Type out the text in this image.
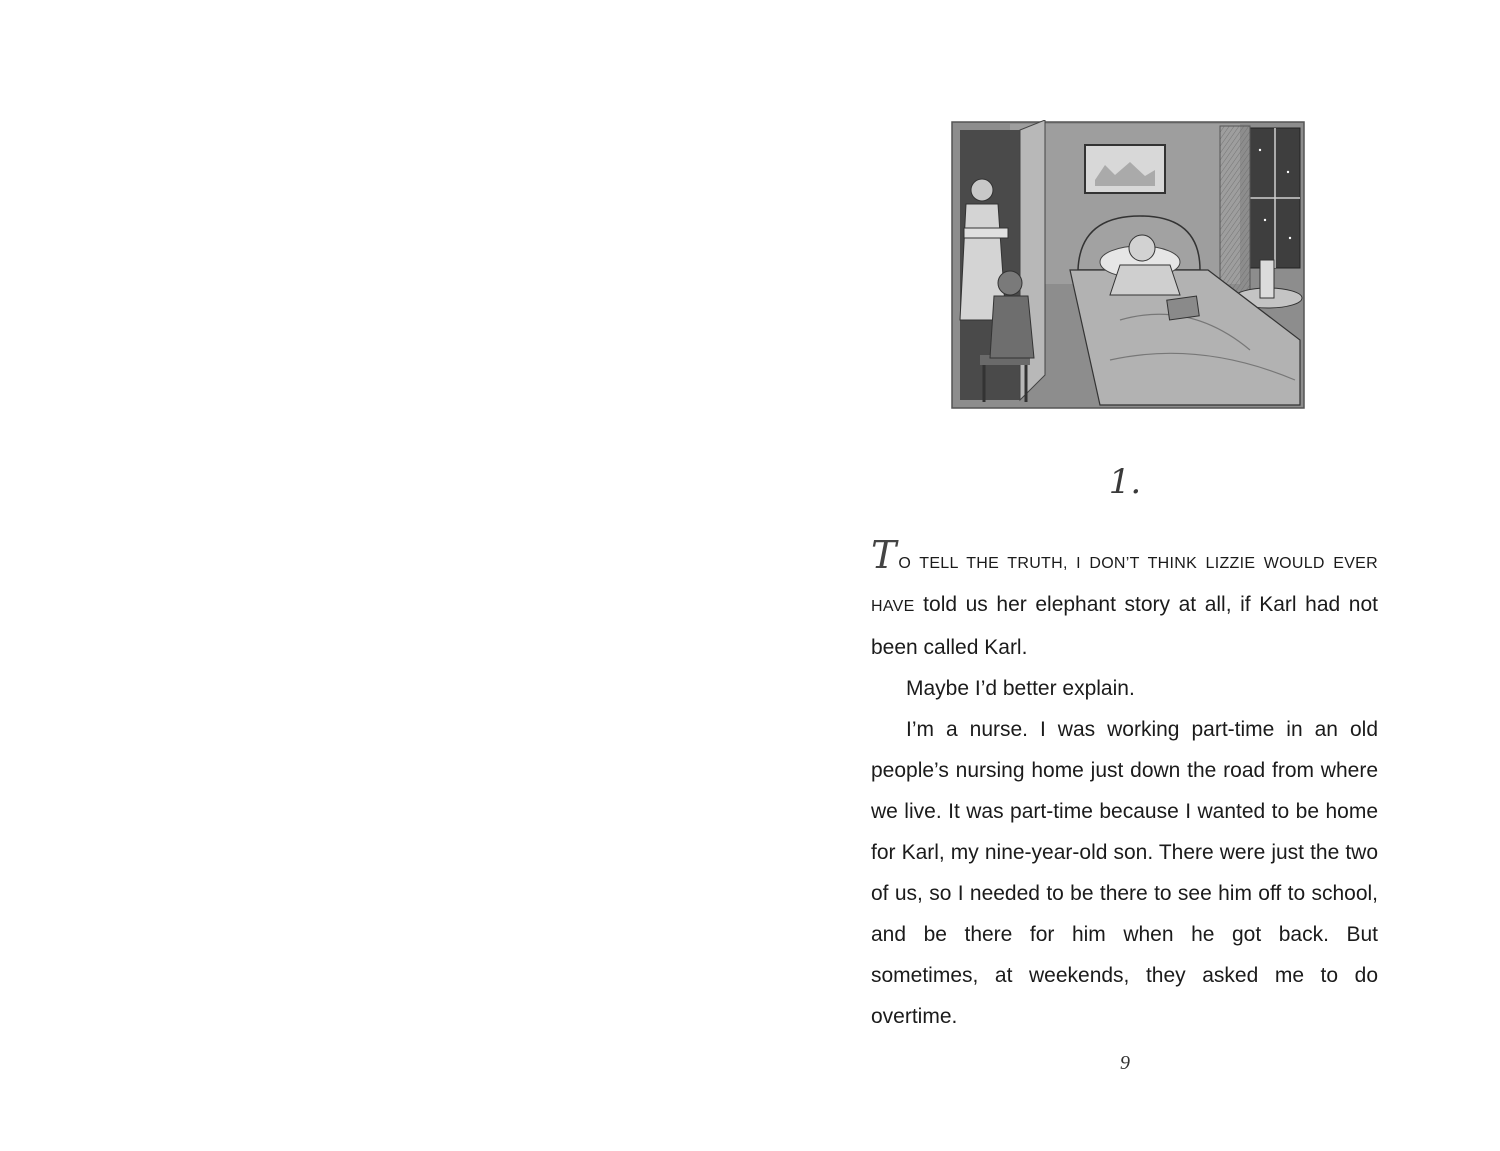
1.

T O TELL THE TRUTH, I DON’T THINK LIZZIE WOULD EVER HAVE told us her elephant story at all, if Karl had not been called Karl.

Maybe I’d better explain.

I’m a nurse. I was working part-time in an old people’s nursing home just down the road from where we live. It was part-time because I wanted to be home for Karl, my nine-year-old son. There were just the two of us, so I needed to be there to see him off to school, and be there for him when he got back. But sometimes, at weekends, they asked me to do overtime.

9
